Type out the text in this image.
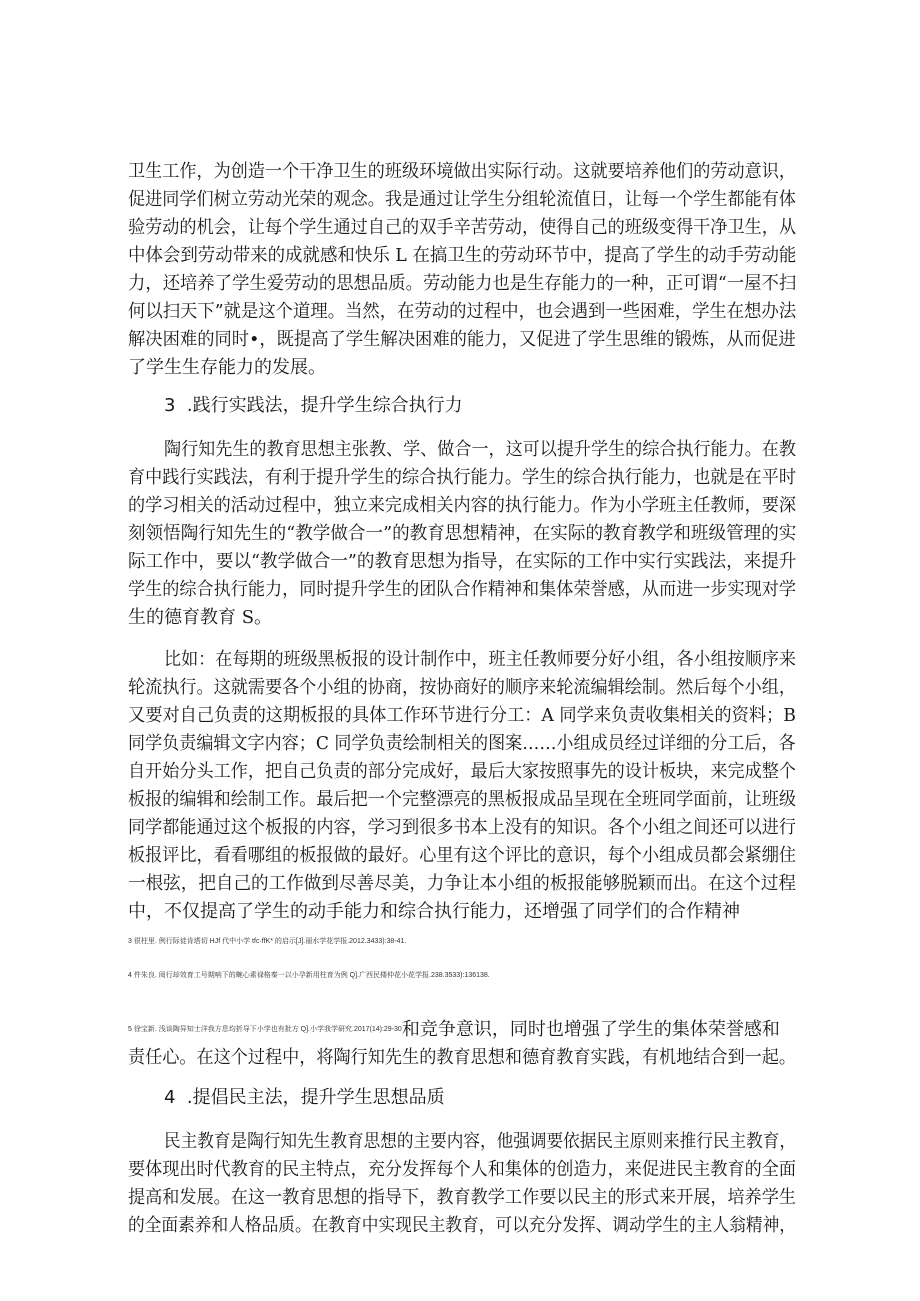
卫生工作，为创造一个干净卫生的班级环境做出实际行动。这就要培养他们的劳动意识，
促进同学们树立劳动光荣的观念。我是通过让学生分组轮流值日，让每一个学生都能有体
验劳动的机会，让每个学生通过自己的双手辛苦劳动，使得自己的班级变得干净卫生，从
中体会到劳动带来的成就感和快乐 L 在搞卫生的劳动环节中，提高了学生的动手劳动能
力，还培养了学生爱劳动的思想品质。劳动能力也是生存能力的一种，正可谓“一屋不扫
何以扫天下”就是这个道理。当然，在劳动的过程中，也会遇到一些困难，学生在想办法
解决困难的同时•，既提高了学生解决困难的能力，又促进了学生思维的锻炼，从而促进
了学生生存能力的发展。
3  .践行实践法，提升学生综合执行力
陶行知先生的教育思想主张教、学、做合一，这可以提升学生的综合执行能力。在教
育中践行实践法，有利于提升学生的综合执行能力。学生的综合执行能力，也就是在平时
的学习相关的活动过程中，独立来完成相关内容的执行能力。作为小学班主任教师，要深
刻领悟陶行知先生的“教学做合一”的教育思想精神，在实际的教育教学和班级管理的实
际工作中，要以“教学做合一”的教育思想为指导，在实际的工作中实行实践法，来提升
学生的综合执行能力，同时提升学生的团队合作精神和集体荣誉感，从而进一步实现对学
生的德育教育 S。
比如：在每期的班级黑板报的设计制作中，班主任教师要分好小组，各小组按顺序来
轮流执行。这就需要各个小组的协商，按协商好的顺序来轮流编辑绘制。然后每个小组，
又要对自己负责的这期板报的具体工作环节进行分工：A 同学来负责收集相关的资料；B
同学负责编辑文字内容；C 同学负责绘制相关的图案……小组成员经过详细的分工后，各
自开始分头工作，把自己负责的部分完成好，最后大家按照事先的设计板块，来完成整个
板报的编辑和绘制工作。最后把一个完整漂亮的黑板报成品呈现在全班同学面前，让班级
同学都能通过这个板报的内容，学习到很多书本上没有的知识。各个小组之间还可以进行
板报评比，看看哪组的板报做的最好。心里有这个评比的意识，每个小组成员都会紧绷住
一根弦，把自己的工作做到尽善尽美，力争让本小组的板报能够脱颖而出。在这个过程
中，不仅提高了学生的动手能力和综合执行能力，还增强了同学们的合作精神
3 很柱里. 例行际徒肯塔切 HJf 代中小学 tfc·ffK* 的启示[J].丽水学花学报.2012.3433):38-41.
4 件朱良. 阅行却效育工号期响下的畹心素禄格秦一以小孕新用柱育为例 Q].广西民楼仲花小花学报.238.3533):136138.
5 徐宝新. 浅谈陶异知士洋我方息均折导下小学也有批方 Q].小学我学研究.2017(14):29-30和竞争意识，同时也增强了学生的集体荣誉感和
责任心。在这个过程中，将陶行知先生的教育思想和德育教育实践，有机地结合到一起。
4  .提倡民主法，提升学生思想品质
民主教育是陶行知先生教育思想的主要内容，他强调要依据民主原则来推行民主教育，
要体现出时代教育的民主特点，充分发挥每个人和集体的创造力，来促进民主教育的全面
提高和发展。在这一教育思想的指导下，教育教学工作要以民主的形式来开展，培养学生
的全面素养和人格品质。在教育中实现民主教育，可以充分发挥、调动学生的主人翁精神，
